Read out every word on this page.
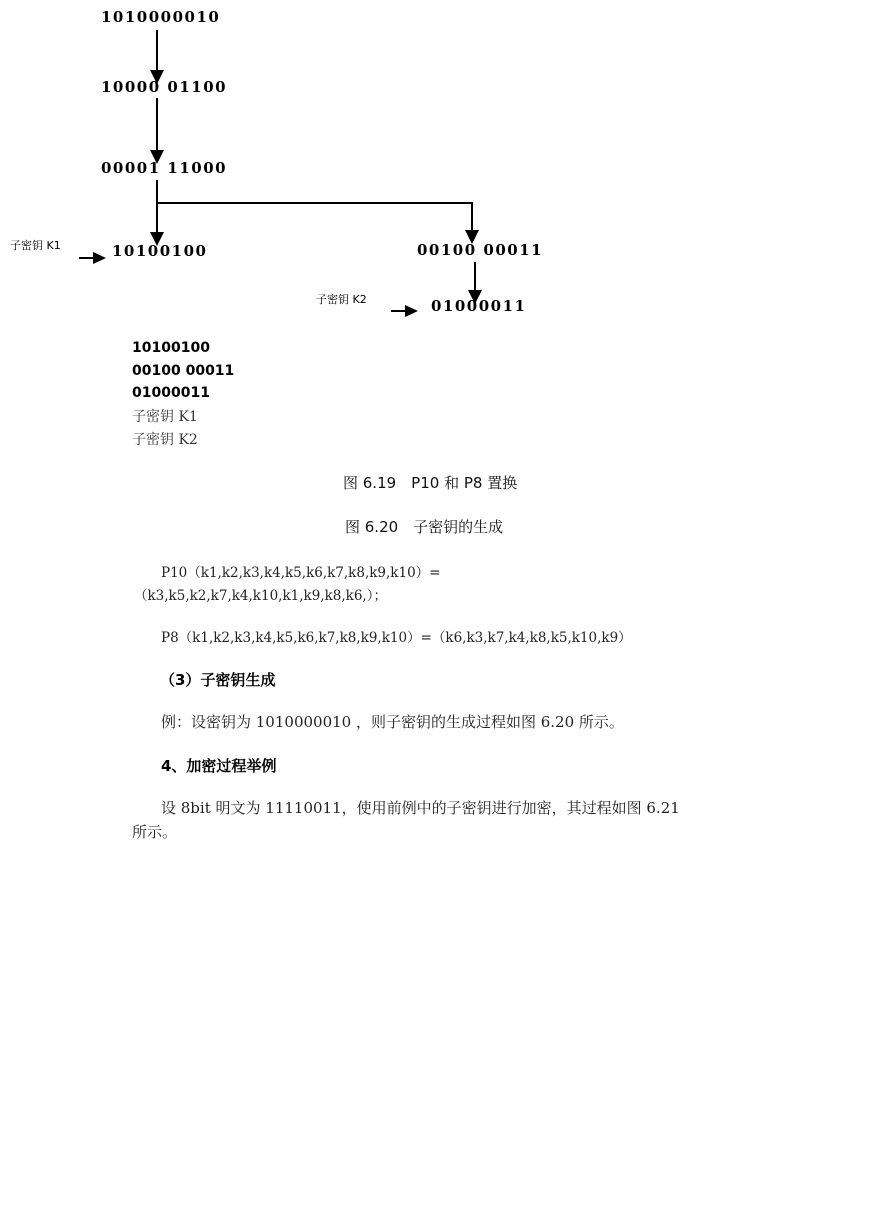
1010000010
10000 01100
00001 11000
子密钥 K1	10100100	00100 00011
子密钥 K2	01000011
10100100
00100 00011
01000011
子密钥 K1
子密钥 K2
图 6.19　P10 和 P8 置换
图 6.20　子密钥的生成
P10（k1,k2,k3,k4,k5,k6,k7,k8,k9,k10）=
（k3,k5,k2,k7,k4,k10,k1,k9,k8,k6,）；
P8（k1,k2,k3,k4,k5,k6,k7,k8,k9,k10）=（k6,k3,k7,k4,k8,k5,k10,k9）
（3）子密钥生成
例：设密钥为 1010000010 ，则子密钥的生成过程如图 6.20 所示。
4、加密过程举例
设 8bit 明文为 11110011，使用前例中的子密钥进行加密，其过程如图 6.21
所示。
